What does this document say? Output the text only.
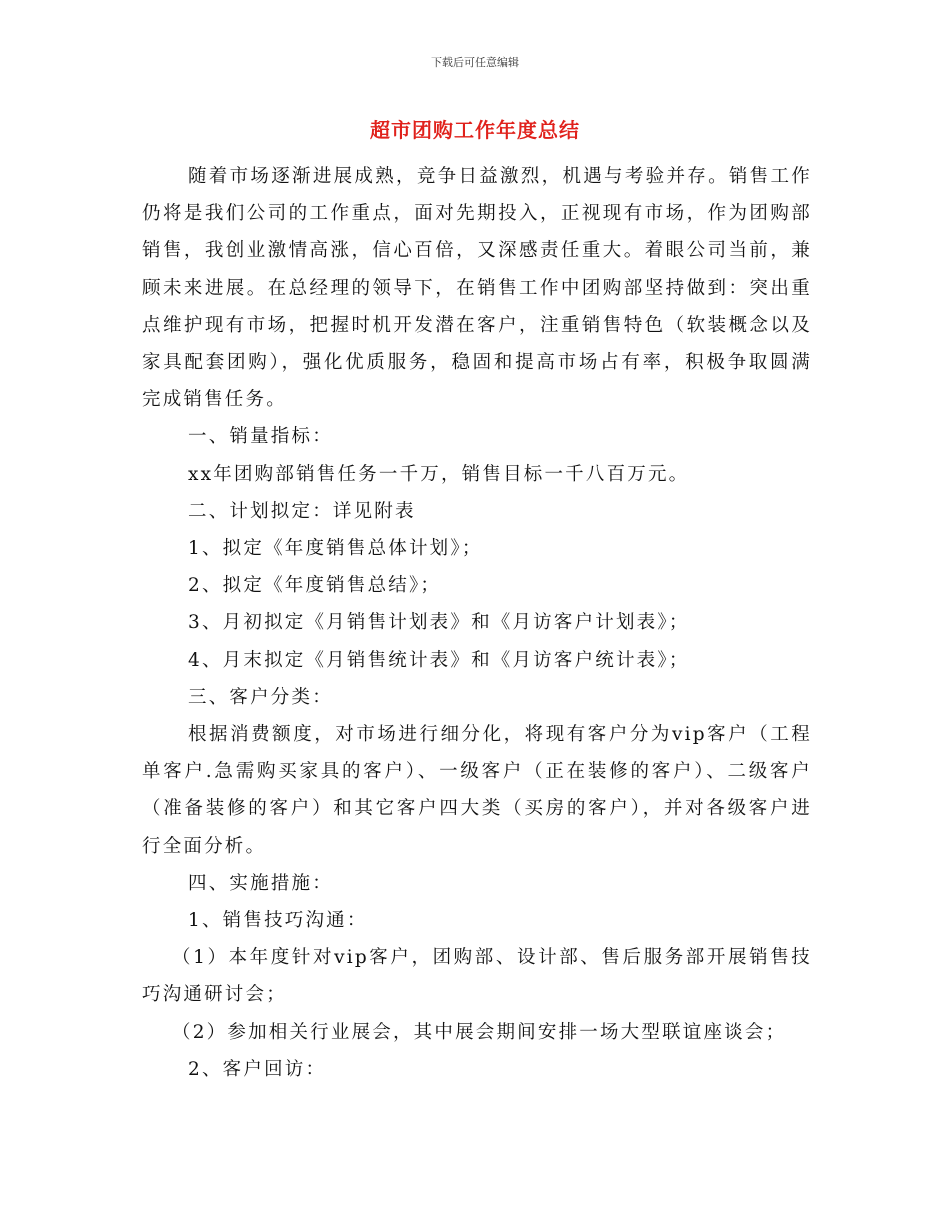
下载后可任意编辑
超市团购工作年度总结

随着市场逐渐进展成熟，竞争日益激烈，机遇与考验并存。销售工作仍将是我们公司的工作重点，面对先期投入，正视现有市场，作为团购部销售，我创业激情高涨，信心百倍，又深感责任重大。着眼公司当前，兼顾未来进展。在总经理的领导下，在销售工作中团购部坚持做到：突出重点维护现有市场，把握时机开发潜在客户，注重销售特色（软装概念以及家具配套团购），强化优质服务，稳固和提高市场占有率，积极争取圆满完成销售任务。

一、销量指标：

xx年团购部销售任务一千万，销售目标一千八百万元。

二、计划拟定：详见附表

1、拟定《年度销售总体计划》；

2、拟定《年度销售总结》；

3、月初拟定《月销售计划表》和《月访客户计划表》；

4、月末拟定《月销售统计表》和《月访客户统计表》；

三、客户分类：

根据消费额度，对市场进行细分化，将现有客户分为vip客户（工程单客户.急需购买家具的客户）、一级客户（正在装修的客户）、二级客户（准备装修的客户）和其它客户四大类（买房的客户），并对各级客户进行全面分析。

四、实施措施：

1、销售技巧沟通：

（1）本年度针对vip客户，团购部、设计部、售后服务部开展销售技巧沟通研讨会；

（2）参加相关行业展会，其中展会期间安排一场大型联谊座谈会；

2、客户回访：
